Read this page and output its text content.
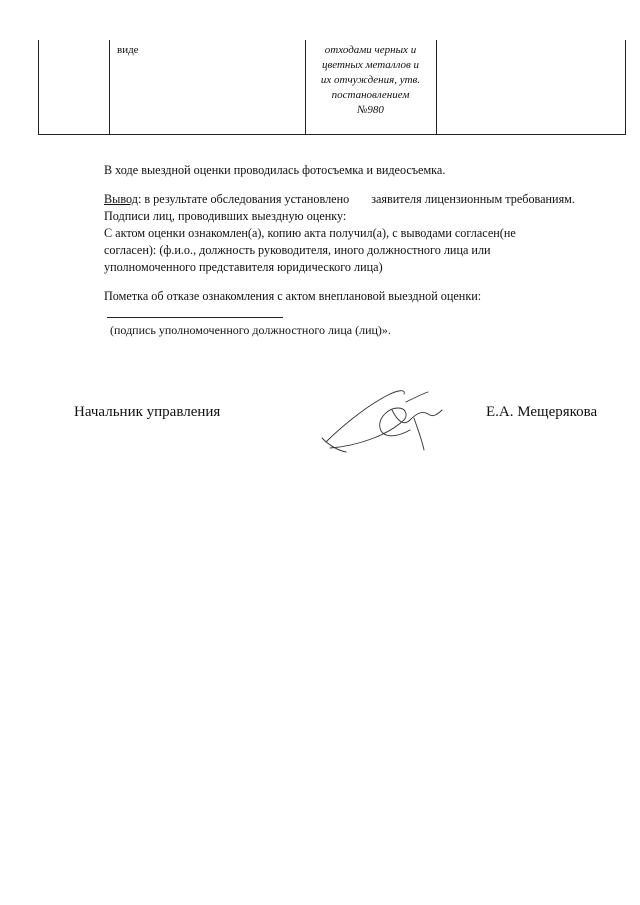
виде	отходами черных и
цветных металлов и
их отчуждения, утв.
постановлением
№980
В ходе выездной оценки проводилась фотосъемка и видеосъемка.
Вывод: в результате обследования установлено заявителя лицензионным требованиям.
Подписи лиц, проводивших выездную оценку:
С актом оценки ознакомлен(а), копию акта получил(а), с выводами согласен(не
согласен): (ф.и.о., должность руководителя, иного должностного лица или
уполномоченного представителя юридического лица)
Пометка об отказе ознакомления с актом внеплановой выездной оценки:
(подпись уполномоченного должностного лица (лиц)».
Начальник управления	Е.А. Мещерякова
